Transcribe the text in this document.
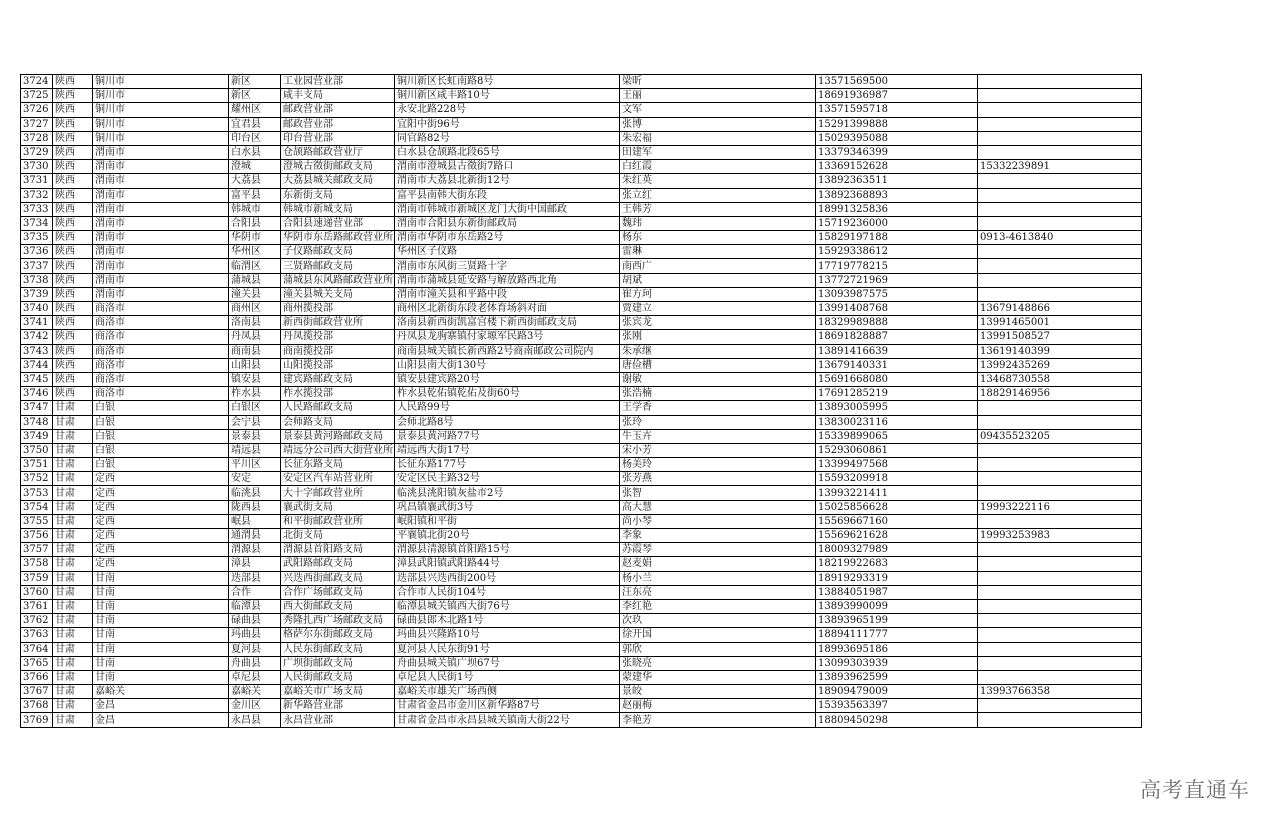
3724	陕西	铜川市	新区	工业园营业部	铜川新区长虹南路8号	梁昕	13571569500	
3725	陕西	铜川市	新区	咸丰支局	铜川新区咸丰路10号	王丽	18691936987	
3726	陕西	铜川市	耀州区	邮政营业部	永安北路228号	文军	13571595718	
3727	陕西	铜川市	宜君县	邮政营业部	宜阳中街96号	张博	15291399888	
3728	陕西	铜川市	印台区	印台营业部	同官路82号	朱宏福	15029395088	
3729	陕西	渭南市	白水县	仓颉路邮政营业厅	白水县仓颉路北段65号	田建军	13379346399	
3730	陕西	渭南市	澄城	澄城古徵街邮政支局	渭南市澄城县古徵街7路口	白红霞	13369152628	15332239891
3731	陕西	渭南市	大荔县	大荔县城关邮政支局	渭南市大荔县北新街12号	朱红英	13892363511	
3732	陕西	渭南市	富平县	东新街支局	富平县南韩大街东段	张立红	13892368893	
3733	陕西	渭南市	韩城市	韩城市新城支局	渭南市韩城市新城区龙门大街中国邮政	王韩芳	18991325836	
3734	陕西	渭南市	合阳县	合阳县速递营业部	渭南市合阳县东新街邮政局	魏玮	15719236000	
3735	陕西	渭南市	华阴市	华阴市东岳路邮政营业所	渭南市华阴市东岳路2号	杨东	15829197188	0913-4613840
3736	陕西	渭南市	华州区	子仪路邮政支局	华州区子仪路	雷琳	15929338612	
3737	陕西	渭南市	临渭区	三贤路邮政支局	渭南市东风街三贤路十字	南西广	17719778215	
3738	陕西	渭南市	蒲城县	蒲城县东风路邮政营业所	渭南市蒲城县延安路与解放路西北角	胡斌	13772721969	
3739	陕西	渭南市	潼关县	潼关县城关支局	渭南市潼关县和平路中段	崔方珂	13093987575	
3740	陕西	商洛市	商州区	商州揽投部	商州区北新街东段老体育场斜对面	贾建立	13991408768	13679148866
3741	陕西	商洛市	洛南县	新西街邮政营业所	洛南县新西街凯富宫楼下新西街邮政支局	张宾龙	18329989888	13991465001
3742	陕西	商洛市	丹凤县	丹凤揽投部	丹凤县龙驹寨镇付家塬军民路3号	张刚	18691828887	13991508527
3743	陕西	商洛市	商南县	商南揽投部	商南县城关镇长新西路2号商南邮政公司院内	朱承继	13891416639	13619140399
3744	陕西	商洛市	山阳县	山阳揽投部	山阳县南大街130号	唐俭槽	13679140331	13992435269
3745	陕西	商洛市	镇安县	建宾路邮政支局	镇安县建宾路20号	谢敏	15691668080	13468730558
3746	陕西	商洛市	柞水县	柞水揽投部	柞水县乾佑镇乾佑及街60号	张浩楠	17691285219	18829146956
3747	甘肃	白银	白银区	人民路邮政支局	人民路99号	王学香	13893005995	
3748	甘肃	白银	会宁县	会师路支局	会师北路8号	张玲	13830023116	
3749	甘肃	白银	景泰县	景泰县黄河路邮政支局	景泰县黄河路77号	牛玉卉	15339899065	09435523205
3750	甘肃	白银	靖远县	靖远分公司西大街营业所	靖远西大街17号	宋小芳	15293060861	
3751	甘肃	白银	平川区	长征东路支局	长征东路177号	杨美玲	13399497568	
3752	甘肃	定西	安定	安定区汽车站营业所	安定区民主路32号	张芳燕	15593209918	
3753	甘肃	定西	临洮县	大十字邮政营业所	临洮县洮阳镇灰盐市2号	张智	13993221411	
3754	甘肃	定西	陇西县	襄武街支局	巩昌镇襄武街3号	高大慧	15025856628	19993222116
3755	甘肃	定西	岷县	和平街邮政营业所	岷阳镇和平街	尚小琴	15569667160	
3756	甘肃	定西	通渭县	北街支局	平襄镇北街20号	李象	15569621628	19993253983
3757	甘肃	定西	渭源县	渭源县首阳路支局	渭源县清源镇首阳路15号	苏霞琴	18009327989	
3758	甘肃	定西	漳县	武阳路邮政支局	漳县武阳镇武阳路44号	赵麦娟	18219922683	
3759	甘肃	甘南	迭部县	兴迭西街邮政支局	迭部县兴迭西街200号	杨小兰	18919293319	
3760	甘肃	甘南	合作	合作广场邮政支局	合作市人民街104号	汪东亮	13884051987	
3761	甘肃	甘南	临潭县	西大街邮政支局	临潭县城关镇西大街76号	李红艳	13893990099	
3762	甘肃	甘南	碌曲县	秀隆扎西广场邮政支局	碌曲县郎木北路1号	次玖	13893965199	
3763	甘肃	甘南	玛曲县	格萨尔东街邮政支局	玛曲县兴隆路10号	徐开国	18894111777	
3764	甘肃	甘南	夏河县	人民东街邮政支局	夏河县人民东街91号	郭欣	18993695186	
3765	甘肃	甘南	舟曲县	广坝街邮政支局	舟曲县城关镇广坝67号	张晓亮	13099303939	
3766	甘肃	甘南	卓尼县	人民街邮政支局	卓尼县人民街1号	蒙建华	13893962599	
3767	甘肃	嘉峪关	嘉峪关	嘉峪关市广场支局	嘉峪关市雄关广场西侧	景皎	18909479009	13993766358
3768	甘肃	金昌	金川区	新华路营业部	甘肃省金昌市金川区新华路87号	赵丽梅	15393563397	
3769	甘肃	金昌	永昌县	永昌营业部	甘肃省金昌市永昌县城关镇南大街22号	李艳芳	18809450298	
高考直通车
